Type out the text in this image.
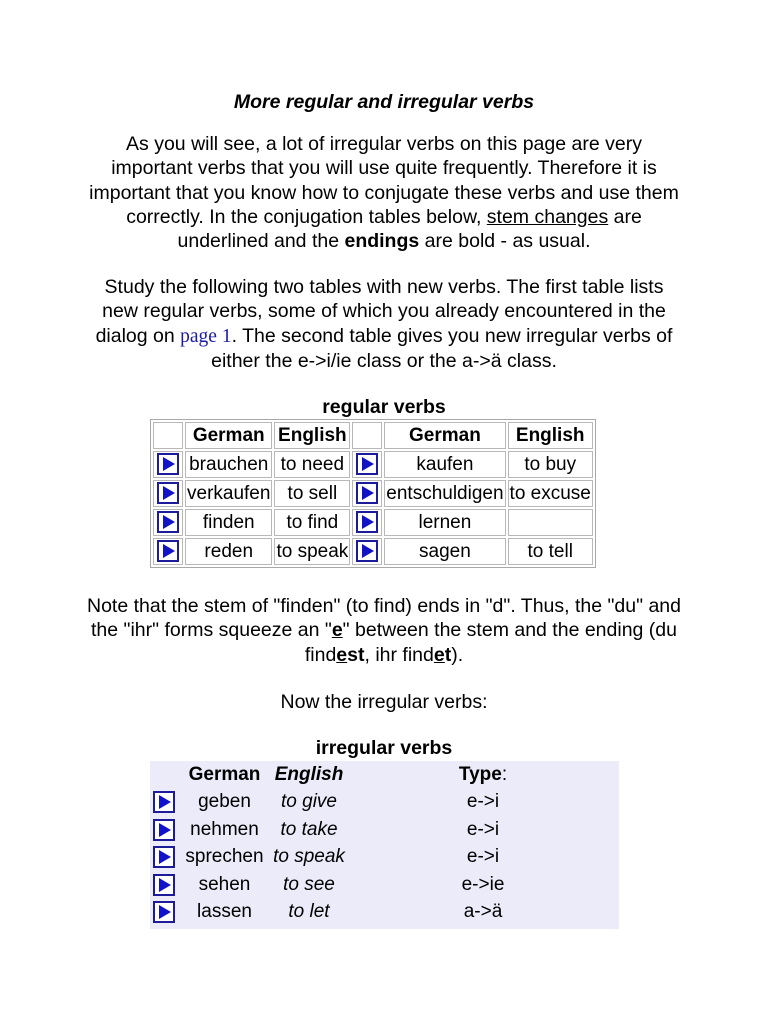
More regular and irregular verbs
As you will see, a lot of irregular verbs on this page are very important verbs that you will use quite frequently. Therefore it is important that you know how to conjugate these verbs and use them correctly. In the conjugation tables below, stem changes are underlined and the endings are bold - as usual.
Study the following two tables with new verbs. The first table lists new regular verbs, some of which you already encountered in the dialog on page 1. The second table gives you new irregular verbs of either the e->i/ie class or the a->ä class.
regular verbs
	German	English		German	English
	brauchen	to need		kaufen	to buy
	verkaufen	to sell		entschuldigen	to excuse
	finden	to find		lernen	
	reden	to speak		sagen	to tell
Note that the stem of "finden" (to find) ends in "d". Thus, the "du" and the "ihr" forms squeeze an "e" between the stem and the ending (du findest, ihr findet).
Now the irregular verbs:
irregular verbs
	German	English	Type:
	geben	to give	e->i
	nehmen	to take	e->i
	sprechen	to speak	e->i
	sehen	to see	e->ie
	lassen	to let	a->ä
